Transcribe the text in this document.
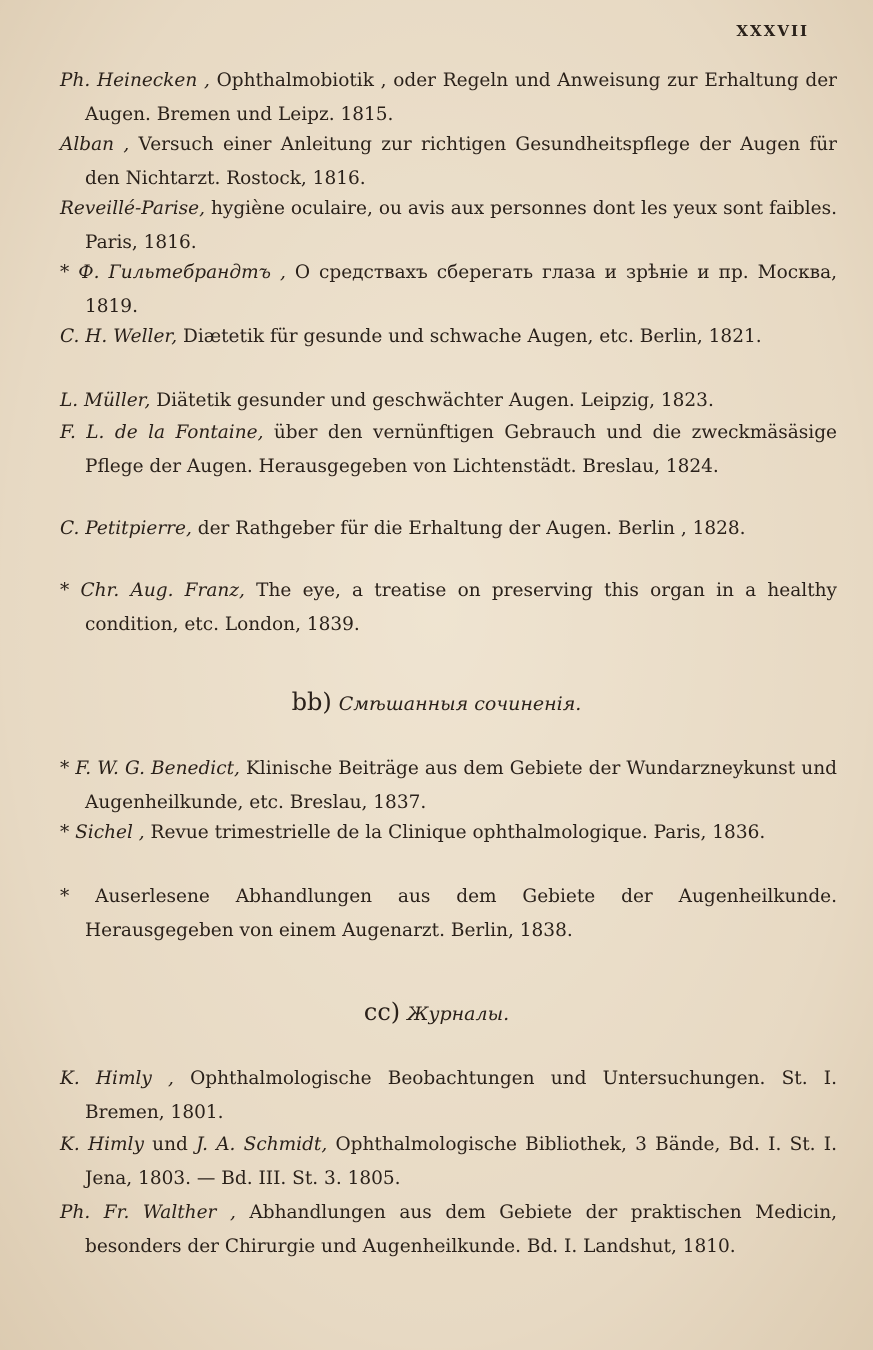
XXXVII
Ph. Heinecken , Ophthalmobiotik , oder Regeln und Anweisung zur Erhaltung der Augen. Bremen und Leipz. 1815.
Alban , Versuch einer Anleitung zur richtigen Gesundheitspflege der Augen für den Nichtarzt. Rostock, 1816.
Reveillé-Parise, hygiène oculaire, ou avis aux personnes dont les yeux sont faibles. Paris, 1816.
* Ф. Гильтебрандтъ , О средствахъ сберегать глаза и зрѣніе и пр. Москва, 1819.
C. H. Weller, Diætetik für gesunde und schwache Augen, etc. Berlin, 1821.
L. Müller, Diätetik gesunder und geschwächter Augen. Leipzig, 1823.
F. L. de la Fontaine, über den vernünftigen Gebrauch und die zweckmäsäsige Pflege der Augen. Herausgegeben von Lichtenstädt. Breslau, 1824.
C. Petitpierre, der Rathgeber für die Erhaltung der Augen. Berlin , 1828.
* Chr. Aug. Franz, The eye, a treatise on preserving this organ in a healthy condition, etc. London, 1839.
bb) Смѣшанныя сочиненія.
* F. W. G. Benedict, Klinische Beiträge aus dem Gebiete der Wundarzneykunst und Augenheilkunde, etc. Breslau, 1837.
* Sichel , Revue trimestrielle de la Clinique ophthalmologique. Paris, 1836.
* Auserlesene Abhandlungen aus dem Gebiete der Augenheilkunde. Herausgegeben von einem Augenarzt. Berlin, 1838.
cc) Журналы.
K. Himly , Ophthalmologische Beobachtungen und Untersuchungen. St. I. Bremen, 1801.
K. Himly und J. A. Schmidt, Ophthalmologische Bibliothek, 3 Bände, Bd. I. St. I. Jena, 1803. — Bd. III. St. 3. 1805.
Ph. Fr. Walther , Abhandlungen aus dem Gebiete der praktischen Medicin, besonders der Chirurgie und Augenheilkunde. Bd. I. Landshut, 1810.
